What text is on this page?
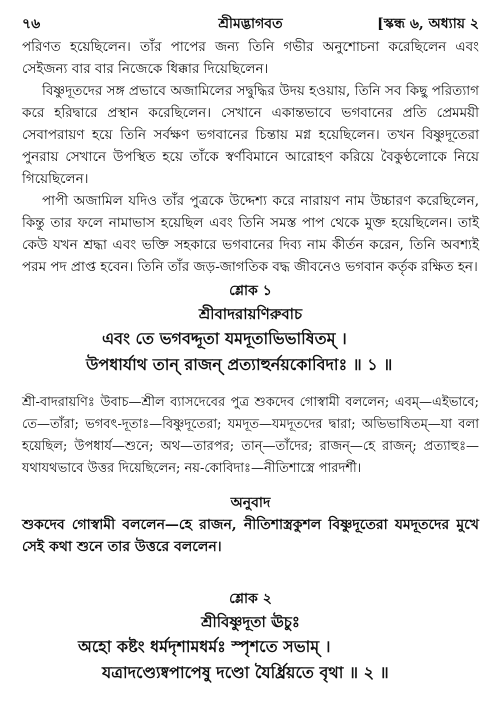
৭৬	শ্রীমদ্ভাগবত	[স্কন্ধ ৬, অধ্যায় ২

পরিণত হয়েছিলেন। তাঁর পাপের জন্য তিনি গভীর অনুশোচনা করেছিলেন এবং সেইজন্য বার বার নিজেকে ধিক্কার দিয়েছিলেন।

বিষ্ণুদূতদের সঙ্গ প্রভাবে অজামিলের সদ্বুদ্ধির উদয় হওয়ায়, তিনি সব কিছু পরিত্যাগ করে হরিদ্বারে প্রস্থান করেছিলেন। সেখানে একান্তভাবে ভগবানের প্রতি প্রেমময়ী সেবাপরায়ণ হয়ে তিনি সর্বক্ষণ ভগবানের চিন্তায় মগ্ন হয়েছিলেন। তখন বিষ্ণুদূতেরা পুনরায় সেখানে উপস্থিত হয়ে তাঁকে স্বর্ণবিমানে আরোহণ করিয়ে বৈকুণ্ঠলোকে নিয়ে গিয়েছিলেন।

পাপী অজামিল যদিও তাঁর পুত্রকে উদ্দেশ্য করে নারায়ণ নাম উচ্চারণ করেছিলেন, কিন্তু তার ফলে নামাভাস হয়েছিল এবং তিনি সমস্ত পাপ থেকে মুক্ত হয়েছিলেন। তাই কেউ যখন শ্রদ্ধা এবং ভক্তি সহকারে ভগবানের দিব্য নাম কীর্তন করেন, তিনি অবশ্যই পরম পদ প্রাপ্ত হবেন। তিনি তাঁর জড়-জাগতিক বদ্ধ জীবনেও ভগবান কর্তৃক রক্ষিত হন।

শ্লোক ১
শ্রীবাদরায়ণিরুবাচ
এবং তে ভগবদ্দূতা যমদূতাভিভাষিতম্ ।
উপধার্যাথ তান্ রাজন্ প্রত্যাহুর্নয়কোবিদাঃ ॥ ১ ॥

শ্রী-বাদরায়ণিঃ উবাচ—শ্রীল ব্যাসদেবের পুত্র শুকদেব গোস্বামী বললেন; এবম্—এইভাবে; তে—তাঁরা; ভগবৎ-দূতাঃ—বিষ্ণুদূতেরা; যমদূত—যমদূতদের দ্বারা; অভিভাষিতম্—যা বলা হয়েছিল; উপধার্য—শুনে; অথ—তারপর; তান্—তাঁদের; রাজন্—হে রাজন্; প্রত্যাহুঃ—যথাযথভাবে উত্তর দিয়েছিলেন; নয়-কোবিদাঃ—নীতিশাস্ত্রে পারদর্শী।

অনুবাদ

শুকদেব গোস্বামী বললেন—হে রাজন, নীতিশাস্ত্রকুশল বিষ্ণুদূতেরা যমদূতদের মুখে সেই কথা শুনে তার উত্তরে বললেন।

শ্লোক ২
শ্রীবিষ্ণুদূতা ঊচুঃ
অহো কষ্টং ধর্মদৃশামধর্মঃ স্পৃশতে সভাম্ ।
যত্রাদণ্ড্যেষ্বপাপেষু দণ্ডো যৈর্ধ্রিয়তে বৃথা ॥ ২ ॥
